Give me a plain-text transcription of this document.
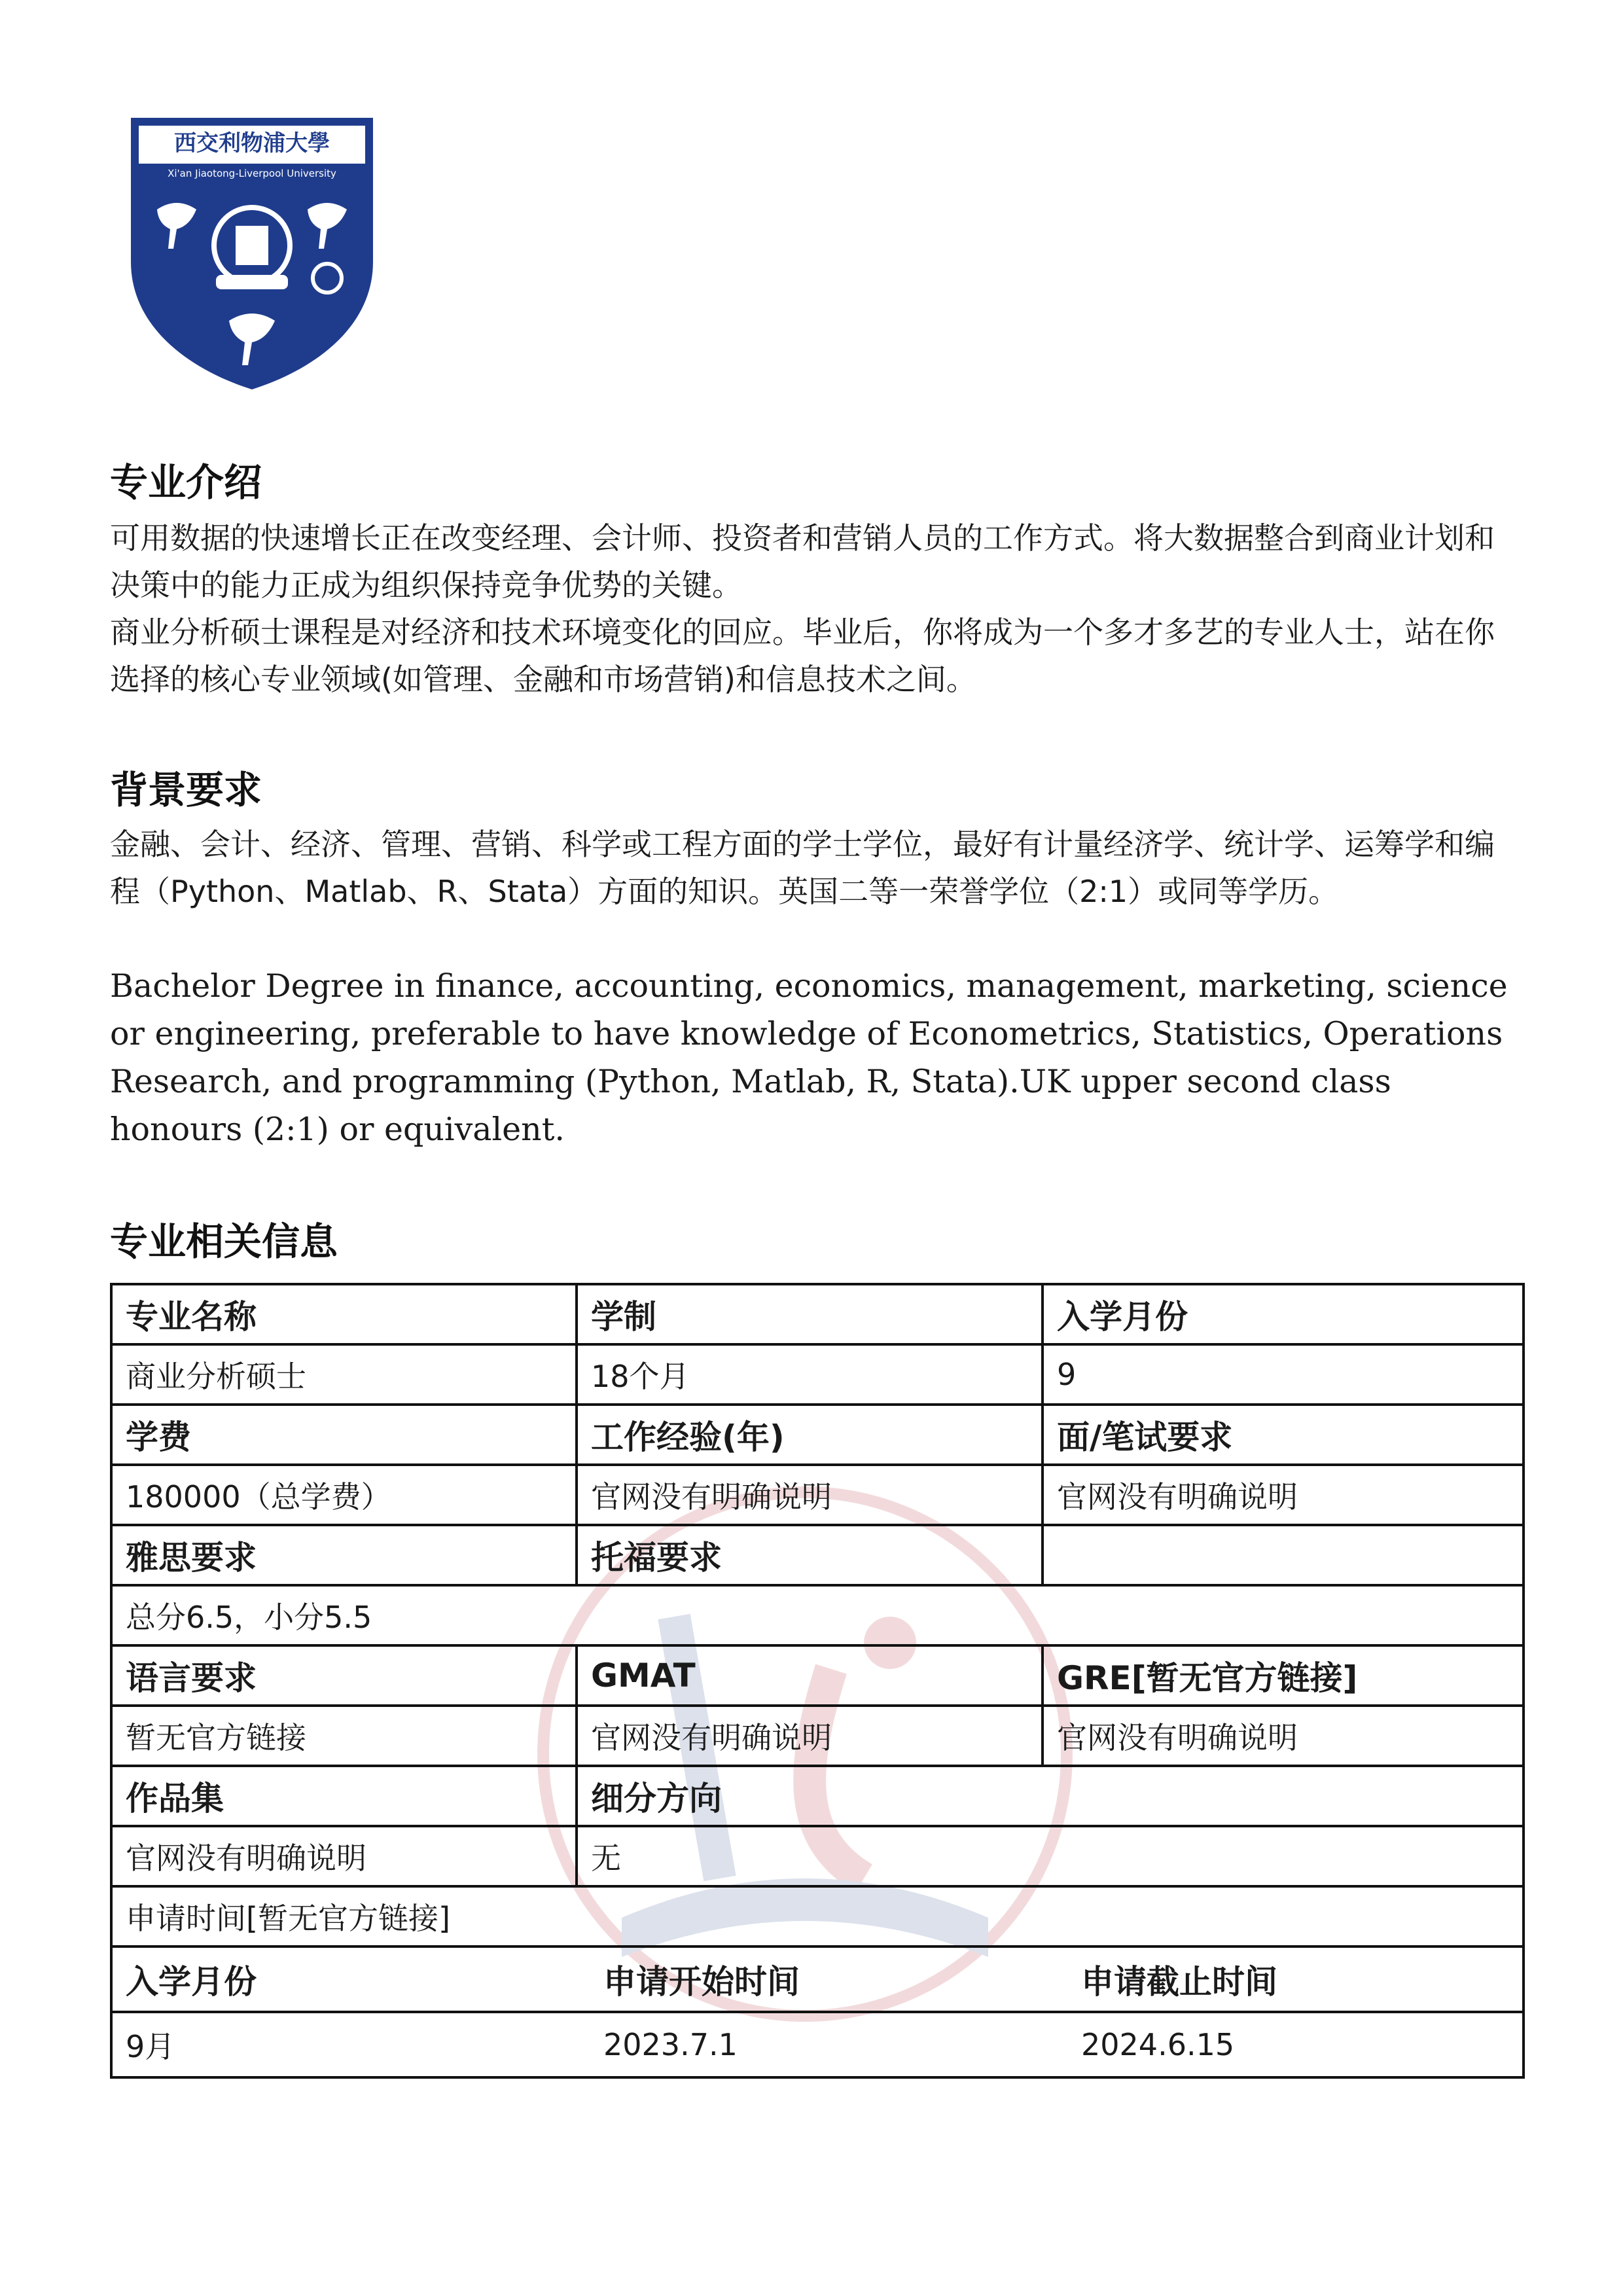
西交利物浦大學
Xi'an Jiaotong-Liverpool University
专业介绍

可用数据的快速增长正在改变经理、会计师、投资者和营销人员的工作方式。将大数据整合到商业计划和决策中的能力正成为组织保持竞争优势的关键。

商业分析硕士课程是对经济和技术环境变化的回应。毕业后，你将成为一个多才多艺的专业人士，站在你选择的核心专业领域(如管理、金融和市场营销)和信息技术之间。

背景要求

金融、会计、经济、管理、营销、科学或工程方面的学士学位，最好有计量经济学、统计学、运筹学和编程（Python、Matlab、R、Stata）方面的知识。英国二等一荣誉学位（2:1）或同等学历。

Bachelor Degree in finance, accounting, economics, management, marketing, science or engineering, preferable to have knowledge of Econometrics, Statistics, Operations Research, and programming (Python, Matlab, R, Stata).UK upper second class honours (2:1) or equivalent.

专业相关信息
专业名称	学制	入学月份
商业分析硕士	18个月	9
学费	工作经验(年)	面/笔试要求
180000（总学费）	官网没有明确说明	官网没有明确说明
雅思要求	托福要求	
总分6.5，小分5.5
语言要求	GMAT	GRE[暂无官方链接]
暂无官方链接	官网没有明确说明	官网没有明确说明
作品集	细分方向
官网没有明确说明	无
申请时间[暂无官方链接]

入学月份	申请开始时间	申请截止时间
9月	2023.7.1	2024.6.15
